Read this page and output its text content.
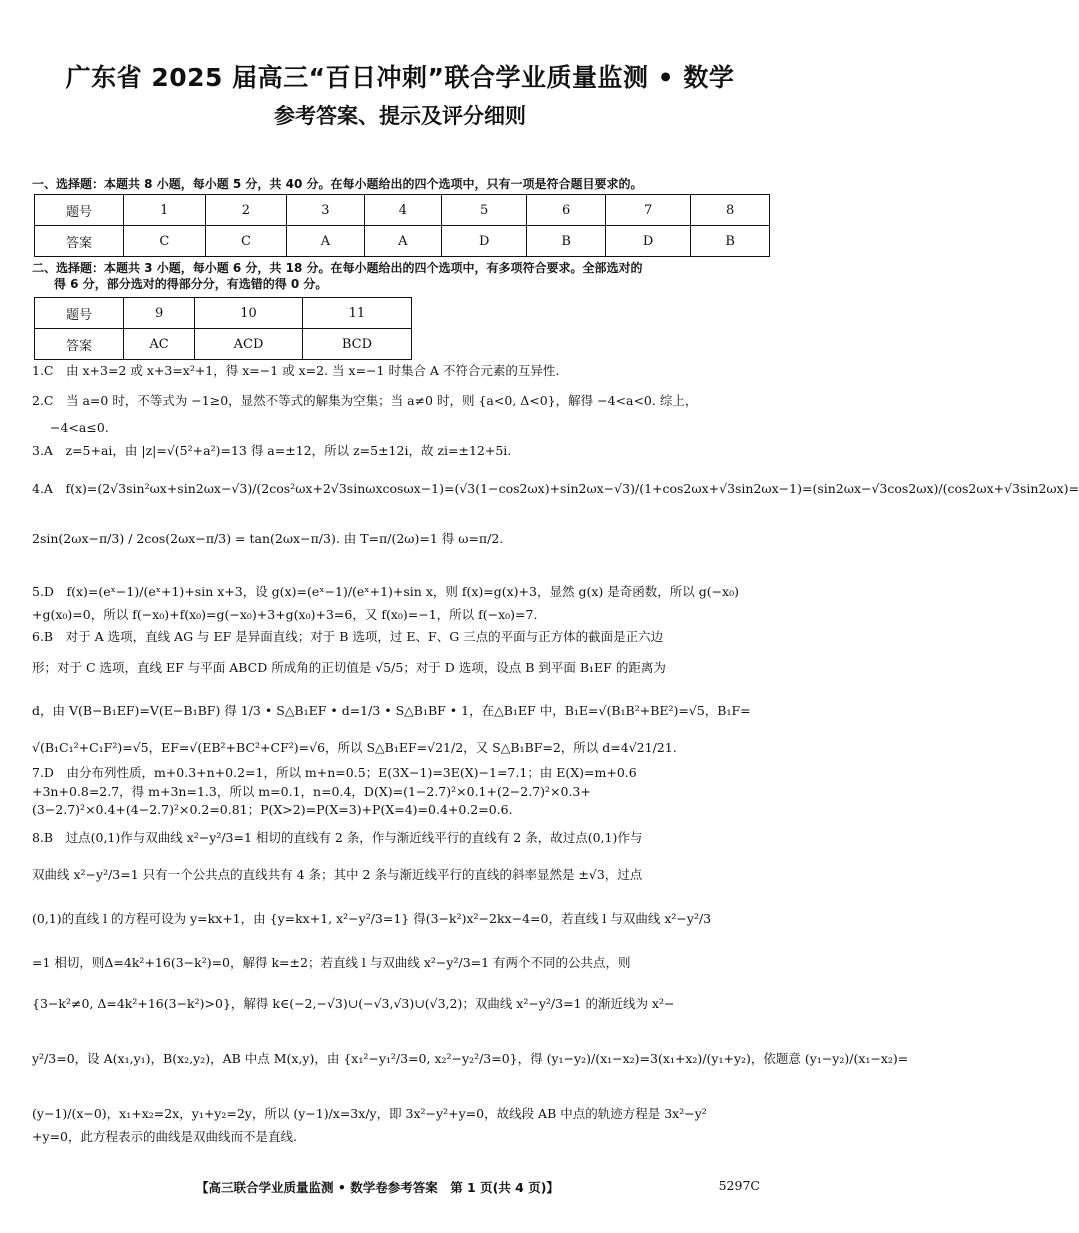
广东省 2025 届高三“百日冲刺”联合学业质量监测 • 数学
参考答案、提示及评分细则
一、选择题：本题共 8 小题，每小题 5 分，共 40 分。在每小题给出的四个选项中，只有一项是符合题目要求的。
题号	1	2	3	4	5	6	7	8
答案	C	C	A	A	D	B	D	B
二、选择题：本题共 3 小题，每小题 6 分，共 18 分。在每小题给出的四个选项中，有多项符合要求。全部选对的
得 6 分，部分选对的得部分分，有选错的得 0 分。
题号	9	10	11
答案	AC	ACD	BCD
1.C　由 x+3=2 或 x+3=x²+1，得 x=−1 或 x=2. 当 x=−1 时集合 A 不符合元素的互异性.
2.C　当 a=0 时，不等式为 −1≥0，显然不等式的解集为空集；当 a≠0 时，则 {a<0, Δ<0}，解得 −4<a<0. 综上，
−4<a≤0.
3.A　z=5+ai，由 |z|=√(5²+a²)=13 得 a=±12，所以 z=5±12i，故 zi=±12+5i.
4.A　f(x)=(2√3sin²ωx+sin2ωx−√3)/(2cos²ωx+2√3sinωxcosωx−1)=(√3(1−cos2ωx)+sin2ωx−√3)/(1+cos2ωx+√3sin2ωx−1)=(sin2ωx−√3cos2ωx)/(cos2ωx+√3sin2ωx)=
2sin(2ωx−π/3) / 2cos(2ωx−π/3) = tan(2ωx−π/3). 由 T=π/(2ω)=1 得 ω=π/2.
5.D　f(x)=(eˣ−1)/(eˣ+1)+sin x+3，设 g(x)=(eˣ−1)/(eˣ+1)+sin x，则 f(x)=g(x)+3，显然 g(x) 是奇函数，所以 g(−x₀)
+g(x₀)=0，所以 f(−x₀)+f(x₀)=g(−x₀)+3+g(x₀)+3=6，又 f(x₀)=−1，所以 f(−x₀)=7.
6.B　对于 A 选项，直线 AG 与 EF 是异面直线；对于 B 选项，过 E、F、G 三点的平面与正方体的截面是正六边
形；对于 C 选项，直线 EF 与平面 ABCD 所成角的正切值是 √5/5；对于 D 选项，设点 B 到平面 B₁EF 的距离为
d，由 V(B−B₁EF)=V(E−B₁BF) 得 1/3 • S△B₁EF • d=1/3 • S△B₁BF • 1，在△B₁EF 中，B₁E=√(B₁B²+BE²)=√5，B₁F=
√(B₁C₁²+C₁F²)=√5，EF=√(EB²+BC²+CF²)=√6，所以 S△B₁EF=√21/2，又 S△B₁BF=2，所以 d=4√21/21.
7.D　由分布列性质，m+0.3+n+0.2=1，所以 m+n=0.5；E(3X−1)=3E(X)−1=7.1；由 E(X)=m+0.6
+3n+0.8=2.7，得 m+3n=1.3，所以 m=0.1，n=0.4，D(X)=(1−2.7)²×0.1+(2−2.7)²×0.3+
(3−2.7)²×0.4+(4−2.7)²×0.2=0.81；P(X>2)=P(X=3)+P(X=4)=0.4+0.2=0.6.
8.B　过点(0,1)作与双曲线 x²−y²/3=1 相切的直线有 2 条，作与渐近线平行的直线有 2 条，故过点(0,1)作与
双曲线 x²−y²/3=1 只有一个公共点的直线共有 4 条；其中 2 条与渐近线平行的直线的斜率显然是 ±√3，过点
(0,1)的直线 l 的方程可设为 y=kx+1，由 {y=kx+1, x²−y²/3=1} 得(3−k²)x²−2kx−4=0，若直线 l 与双曲线 x²−y²/3
=1 相切，则Δ=4k²+16(3−k²)=0，解得 k=±2；若直线 l 与双曲线 x²−y²/3=1 有两个不同的公共点，则
{3−k²≠0, Δ=4k²+16(3−k²)>0}，解得 k∈(−2,−√3)∪(−√3,√3)∪(√3,2)；双曲线 x²−y²/3=1 的渐近线为 x²−
y²/3=0，设 A(x₁,y₁)，B(x₂,y₂)，AB 中点 M(x,y)，由 {x₁²−y₁²/3=0, x₂²−y₂²/3=0}，得 (y₁−y₂)/(x₁−x₂)=3(x₁+x₂)/(y₁+y₂)，依题意 (y₁−y₂)/(x₁−x₂)=
(y−1)/(x−0)，x₁+x₂=2x，y₁+y₂=2y，所以 (y−1)/x=3x/y，即 3x²−y²+y=0，故线段 AB 中点的轨迹方程是 3x²−y²
+y=0，此方程表示的曲线是双曲线而不是直线.
【高三联合学业质量监测 • 数学卷参考答案　第 1 页(共 4 页)】	5297C
